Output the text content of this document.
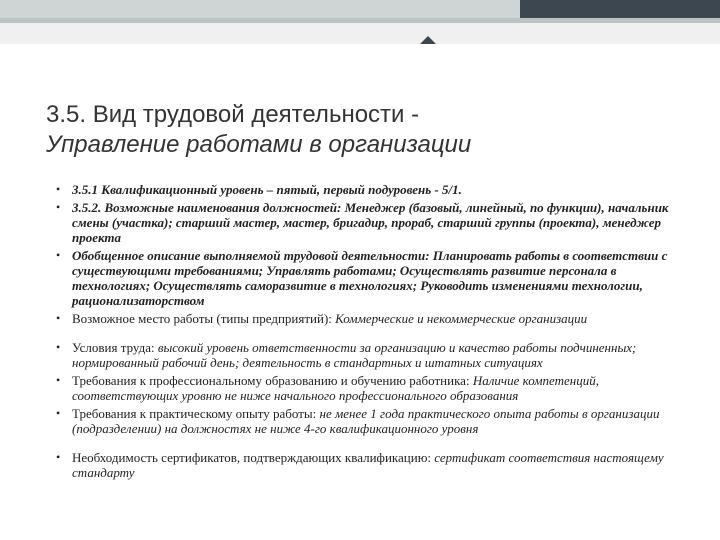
3.5. Вид трудовой деятельности -
Управление работами в организации
• 3.5.1 Квалификационный уровень – пятый, первый подуровень - 5/1.
• 3.5.2. Возможные наименования должностей: Менеджер (базовый, линейный, по функции), начальник смены (участка); старший мастер, мастер, бригадир, прораб, старший группы (проекта), менеджер проекта
• Обобщенное описание выполняемой трудовой деятельности: Планировать работы в соответствии с существующими требованиями; Управлять работами; Осуществлять развитие персонала в технологиях; Осуществлять саморазвитие в технологиях; Руководить изменениями технологии, рационализаторством
• Возможное место работы (типы предприятий): Коммерческие и некоммерческие организации
• Условия труда: высокий уровень ответственности за организацию и качество работы подчиненных; нормированный рабочий день; деятельность в стандартных и штатных ситуациях
• Требования к профессиональному образованию и обучению работника: Наличие компетенций, соответствующих уровню не ниже начального профессионального образования
• Требования к практическому опыту работы: не менее 1 года практического опыта работы в организации (подразделении) на должностях не ниже 4-го квалификационного уровня
• Необходимость сертификатов, подтверждающих квалификацию: сертификат соответствия настоящему стандарту
